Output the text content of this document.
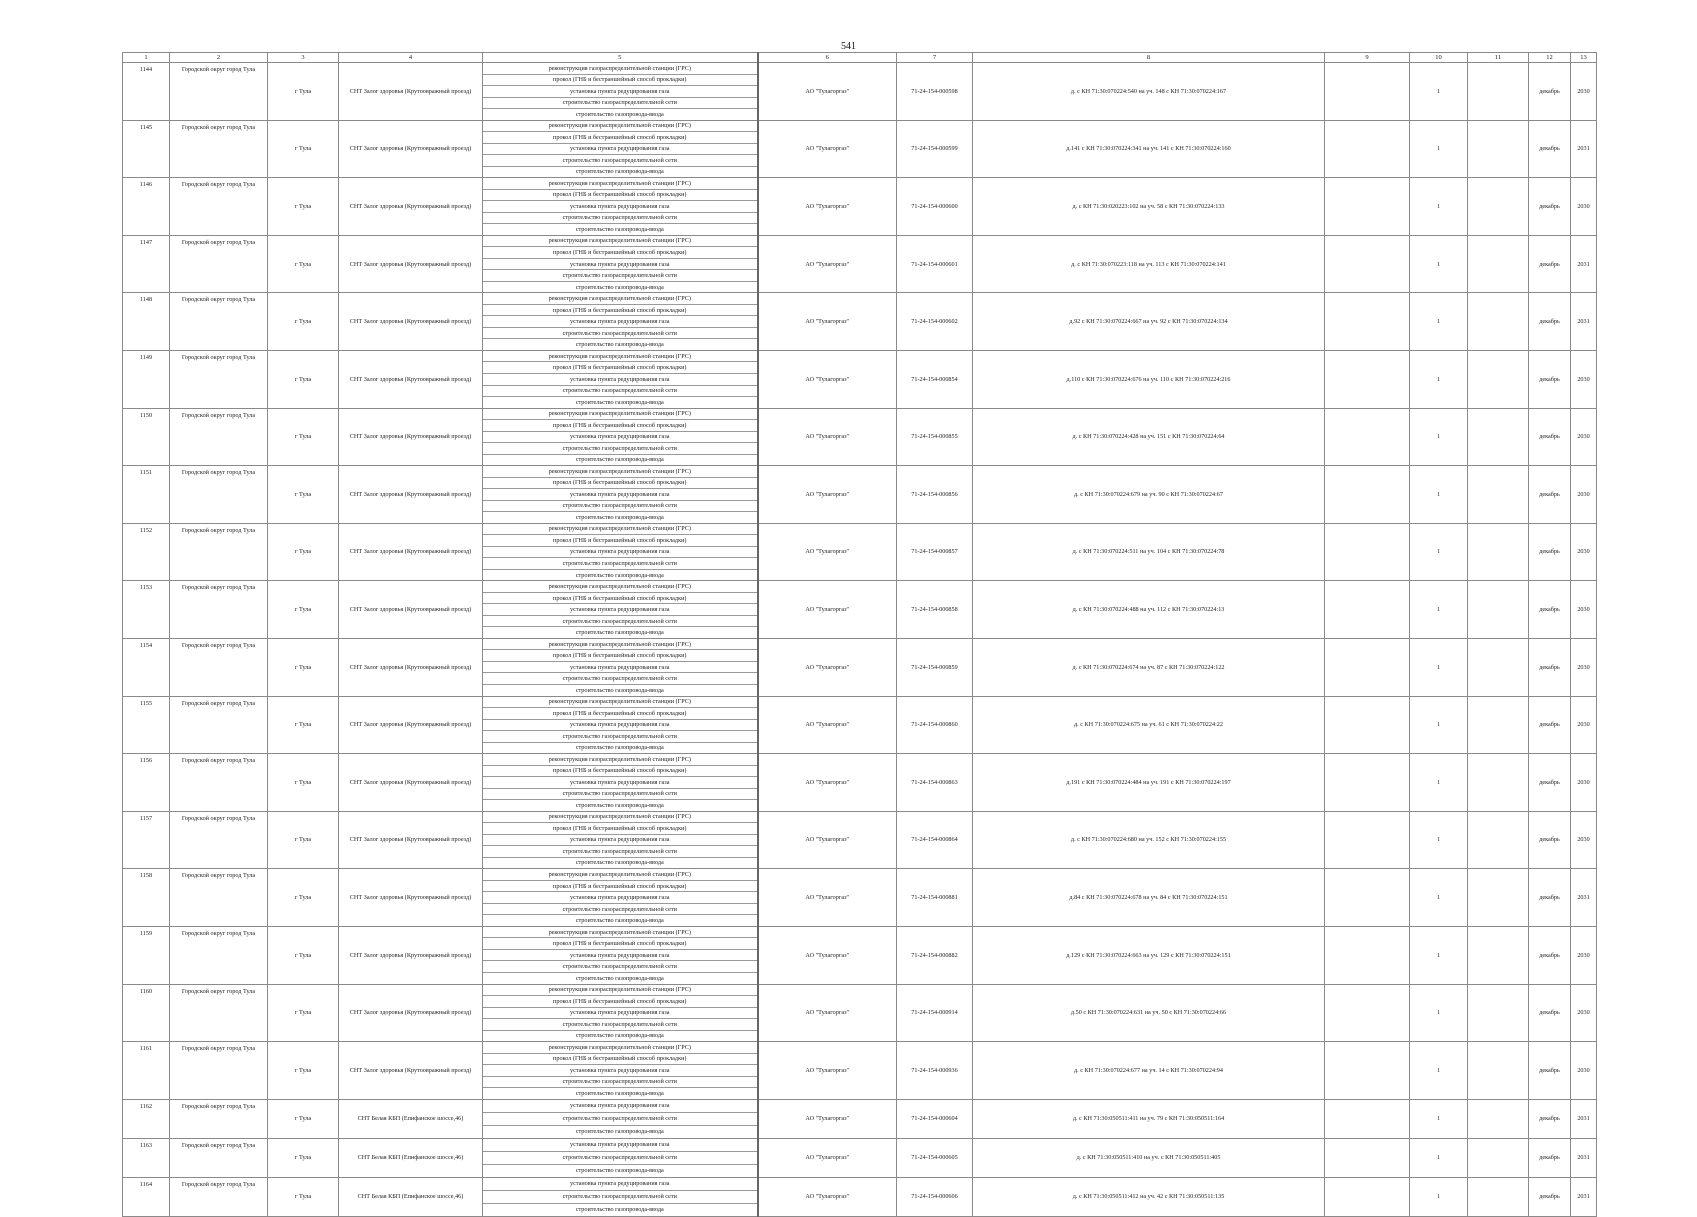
541
1	2	3	4	5	6	7	8	9	10	11	12	13

1144	Городской округ город Тула	г Тула	СНТ Залог здоровья (Крутоовражный проезд)	реконструкция газораспределительной станции (ГРС)
прокол (ГНБ и бестраншейный способ прокладки)
установка пункта редуцирования газа
строительство газораспределительной сети
строительство газопровода-ввода	АО "Тулагоргаз"	71-24-154-000598	д. с КН 71:30:070224:540 на уч. 148 с КН 71:30:070224:167		1		декабрь	2030

1145	Городской округ город Тула	г Тула	СНТ Залог здоровья (Крутоовражный проезд)	реконструкция газораспределительной станции (ГРС)
прокол (ГНБ и бестраншейный способ прокладки)
установка пункта редуцирования газа
строительство газораспределительной сети
строительство газопровода-ввода	АО "Тулагоргаз"	71-24-154-000599	д.141 с КН 71:30:070224:341 на уч. 141 с КН 71:30:070224:160		1		декабрь	2031

1146	Городской округ город Тула	г Тула	СНТ Залог здоровья (Крутоовражный проезд)	реконструкция газораспределительной станции (ГРС)
прокол (ГНБ и бестраншейный способ прокладки)
установка пункта редуцирования газа
строительство газораспределительной сети
строительство газопровода-ввода	АО "Тулагоргаз"	71-24-154-000600	д. с КН 71:30:020223:102 на уч. 58 с КН 71:30:070224:133		1		декабрь	2030

1147	Городской округ город Тула	г Тула	СНТ Залог здоровья (Крутоовражный проезд)	реконструкция газораспределительной станции (ГРС)
прокол (ГНБ и бестраншейный способ прокладки)
установка пункта редуцирования газа
строительство газораспределительной сети
строительство газопровода-ввода	АО "Тулагоргаз"	71-24-154-000601	д. с КН 71:30:070223:118 на уч. 113 с КН 71:30:070224:141		1		декабрь	2031

1148	Городской округ город Тула	г Тула	СНТ Залог здоровья (Крутоовражный проезд)	реконструкция газораспределительной станции (ГРС)
прокол (ГНБ и бестраншейный способ прокладки)
установка пункта редуцирования газа
строительство газораспределительной сети
строительство газопровода-ввода	АО "Тулагоргаз"	71-24-154-000602	д.92 с КН 71:30:070224:667 на уч. 92 с КН 71:30:070224:134		1		декабрь	2031

1149	Городской округ город Тула	г Тула	СНТ Залог здоровья (Крутоовражный проезд)	реконструкция газораспределительной станции (ГРС)
прокол (ГНБ и бестраншейный способ прокладки)
установка пункта редуцирования газа
строительство газораспределительной сети
строительство газопровода-ввода	АО "Тулагоргаз"	71-24-154-000854	д.110 с КН 71:30:070224:676 на уч. 110 с КН 71:30:070224:216		1		декабрь	2030

1150	Городской округ город Тула	г Тула	СНТ Залог здоровья (Крутоовражный проезд)	реконструкция газораспределительной станции (ГРС)
прокол (ГНБ и бестраншейный способ прокладки)
установка пункта редуцирования газа
строительство газораспределительной сети
строительство газопровода-ввода	АО "Тулагоргаз"	71-24-154-000855	д. с КН 71:30:070224:428 на уч. 151 с КН 71:30:070224:64		1		декабрь	2030

1151	Городской округ город Тула	г Тула	СНТ Залог здоровья (Крутоовражный проезд)	реконструкция газораспределительной станции (ГРС)
прокол (ГНБ и бестраншейный способ прокладки)
установка пункта редуцирования газа
строительство газораспределительной сети
строительство газопровода-ввода	АО "Тулагоргаз"	71-24-154-000856	д. с КН 71:30:070224:679 на уч. 90 с КН 71:30:070224:67		1		декабрь	2030

1152	Городской округ город Тула	г Тула	СНТ Залог здоровья (Крутоовражный проезд)	реконструкция газораспределительной станции (ГРС)
прокол (ГНБ и бестраншейный способ прокладки)
установка пункта редуцирования газа
строительство газораспределительной сети
строительство газопровода-ввода	АО "Тулагоргаз"	71-24-154-000857	д. с КН 71:30:070224:511 на уч. 104 с КН 71:30:070224:78		1		декабрь	2030

1153	Городской округ город Тула	г Тула	СНТ Залог здоровья (Крутоовражный проезд)	реконструкция газораспределительной станции (ГРС)
прокол (ГНБ и бестраншейный способ прокладки)
установка пункта редуцирования газа
строительство газораспределительной сети
строительство газопровода-ввода	АО "Тулагоргаз"	71-24-154-000858	д. с КН 71:30:070224:488 на уч. 112 с КН 71:30:070224:13		1		декабрь	2030

1154	Городской округ город Тула	г Тула	СНТ Залог здоровья (Крутоовражный проезд)	реконструкция газораспределительной станции (ГРС)
прокол (ГНБ и бестраншейный способ прокладки)
установка пункта редуцирования газа
строительство газораспределительной сети
строительство газопровода-ввода	АО "Тулагоргаз"	71-24-154-000859	д. с КН 71:30:070224:674 на уч. 87 с КН 71:30:070224:122		1		декабрь	2030

1155	Городской округ город Тула	г Тула	СНТ Залог здоровья (Крутоовражный проезд)	реконструкция газораспределительной станции (ГРС)
прокол (ГНБ и бестраншейный способ прокладки)
установка пункта редуцирования газа
строительство газораспределительной сети
строительство газопровода-ввода	АО "Тулагоргаз"	71-24-154-000860	д. с КН 71:30:070224:675 на уч. 61 с КН 71:30:070224:22		1		декабрь	2030

1156	Городской округ город Тула	г Тула	СНТ Залог здоровья (Крутоовражный проезд)	реконструкция газораспределительной станции (ГРС)
прокол (ГНБ и бестраншейный способ прокладки)
установка пункта редуцирования газа
строительство газораспределительной сети
строительство газопровода-ввода	АО "Тулагоргаз"	71-24-154-000863	д.191 с КН 71:30:070224:484 на уч. 191 с КН 71:30:070224:197		1		декабрь	2030

1157	Городской округ город Тула	г Тула	СНТ Залог здоровья (Крутоовражный проезд)	реконструкция газораспределительной станции (ГРС)
прокол (ГНБ и бестраншейный способ прокладки)
установка пункта редуцирования газа
строительство газораспределительной сети
строительство газопровода-ввода	АО "Тулагоргаз"	71-24-154-000864	д. с КН 71:30:070224:680 на уч. 152 с КН 71:30:070224:155		1		декабрь	2030

1158	Городской округ город Тула	г Тула	СНТ Залог здоровья (Крутоовражный проезд)	реконструкция газораспределительной станции (ГРС)
прокол (ГНБ и бестраншейный способ прокладки)
установка пункта редуцирования газа
строительство газораспределительной сети
строительство газопровода-ввода	АО "Тулагоргаз"	71-24-154-000881	д.84 с КН 71:30:070224:678 на уч. 84 с КН 71:30:070224:151		1		декабрь	2031

1159	Городской округ город Тула	г Тула	СНТ Залог здоровья (Крутоовражный проезд)	реконструкция газораспределительной станции (ГРС)
прокол (ГНБ и бестраншейный способ прокладки)
установка пункта редуцирования газа
строительство газораспределительной сети
строительство газопровода-ввода	АО "Тулагоргаз"	71-24-154-000882	д.129 с КН 71:30:070224:663 на уч. 129 с КН 71:30:070224:151		1		декабрь	2030

1160	Городской округ город Тула	г Тула	СНТ Залог здоровья (Крутоовражный проезд)	реконструкция газораспределительной станции (ГРС)
прокол (ГНБ и бестраншейный способ прокладки)
установка пункта редуцирования газа
строительство газораспределительной сети
строительство газопровода-ввода	АО "Тулагоргаз"	71-24-154-000914	д.50 с КН 71:30:070224:631 на уч. 50 с КН 71:30:070224:66		1		декабрь	2030

1161	Городской округ город Тула	г Тула	СНТ Залог здоровья (Крутоовражный проезд)	реконструкция газораспределительной станции (ГРС)
прокол (ГНБ и бестраншейный способ прокладки)
установка пункта редуцирования газа
строительство газораспределительной сети
строительство газопровода-ввода	АО "Тулагоргаз"	71-24-154-000936	д. с КН 71:30:070224:677 на уч. 14 с КН 71:30:070224:94		1		декабрь	2030

1162	Городской округ город Тула	г Тула	СНТ Белая КБП (Епифанское шоссе,46)	установка пункта редуцирования газа
строительство газораспределительной сети
строительство газопровода-ввода	АО "Тулагоргаз"	71-24-154-000604	д. с КН 71:30:050511:411 на уч. 79 с КН 71:30:050511:164		1		декабрь	2031

1163	Городской округ город Тула	г Тула	СНТ Белая КБП (Епифанское шоссе,46)	установка пункта редуцирования газа
строительство газораспределительной сети
строительство газопровода-ввода	АО "Тулагоргаз"	71-24-154-000605	д. с КН 71:30:050511:410 на уч. с КН 71:30:050511:405		1		декабрь	2031

1164	Городской округ город Тула	г Тула	СНТ Белая КБП (Епифанское шоссе,46)	установка пункта редуцирования газа
строительство газораспределительной сети
строительство газопровода-ввода	АО "Тулагоргаз"	71-24-154-000606	д. с КН 71:30:050511:412 на уч. 42 с КН 71:30:050511:135		1		декабрь	2031
